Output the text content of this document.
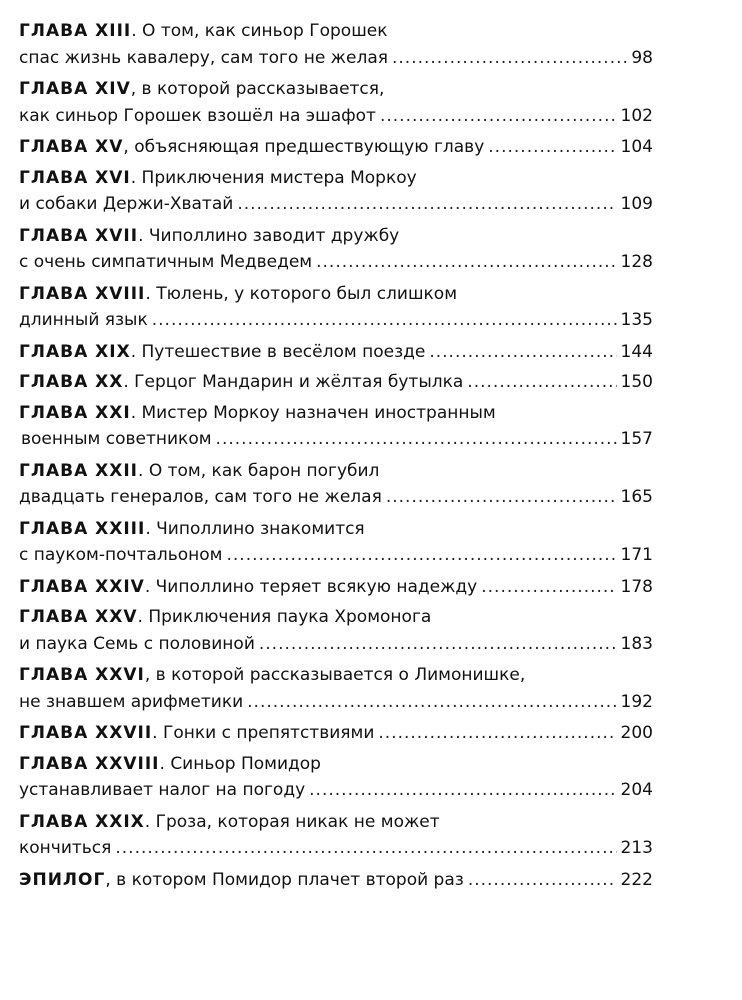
ГЛАВА XIII .
О том, как синьор Горошек
спас жизнь кавалеру, сам того не желая .....	98
ГЛАВА XIV ,
в которой рассказывается,
как синьор Горошек взошёл на эшафот .....	102
ГЛАВА XV ,
объясняющая предшествующую главу .....	104
ГЛАВА XVI .
Приключения мистера Моркоу
и собаки Держи-Хватай .....	109
ГЛАВА XVII .
Чиполлино заводит дружбу
с очень симпатичным Медведем .....	128
ГЛАВА XVIII .
Тюлень, у которого был слишком
длинный язык .....	135
ГЛАВА XIX .
Путешествие в весёлом поезде .....	144
ГЛАВА XX .
Герцог Мандарин и жёлтая бутылка .....	150
ГЛАВА XXI .
Мистер Моркоу назначен иностранным
военным советником .....	157
ГЛАВА XXII .
О том, как барон погубил
двадцать генералов, сам того не желая .....	165
ГЛАВА XXIII .
Чиполлино знакомится
с пауком-почтальоном .....	171
ГЛАВА XXIV .
Чиполлино теряет всякую надежду .....	178
ГЛАВА XXV .
Приключения паука Хромонога
и паука Семь с половиной .....	183
ГЛАВА XXVI ,
в которой рассказывается о Лимонишке,
не знавшем арифметики .....	192
ГЛАВА XXVII .
Гонки с препятствиями .....	200
ГЛАВА XXVIII .
Синьор Помидор
устанавливает налог на погоду .....	204
ГЛАВА XXIX .
Гроза, которая никак не может
кончиться .....	213
ЭПИЛОГ ,
в котором Помидор плачет второй раз .....	222
